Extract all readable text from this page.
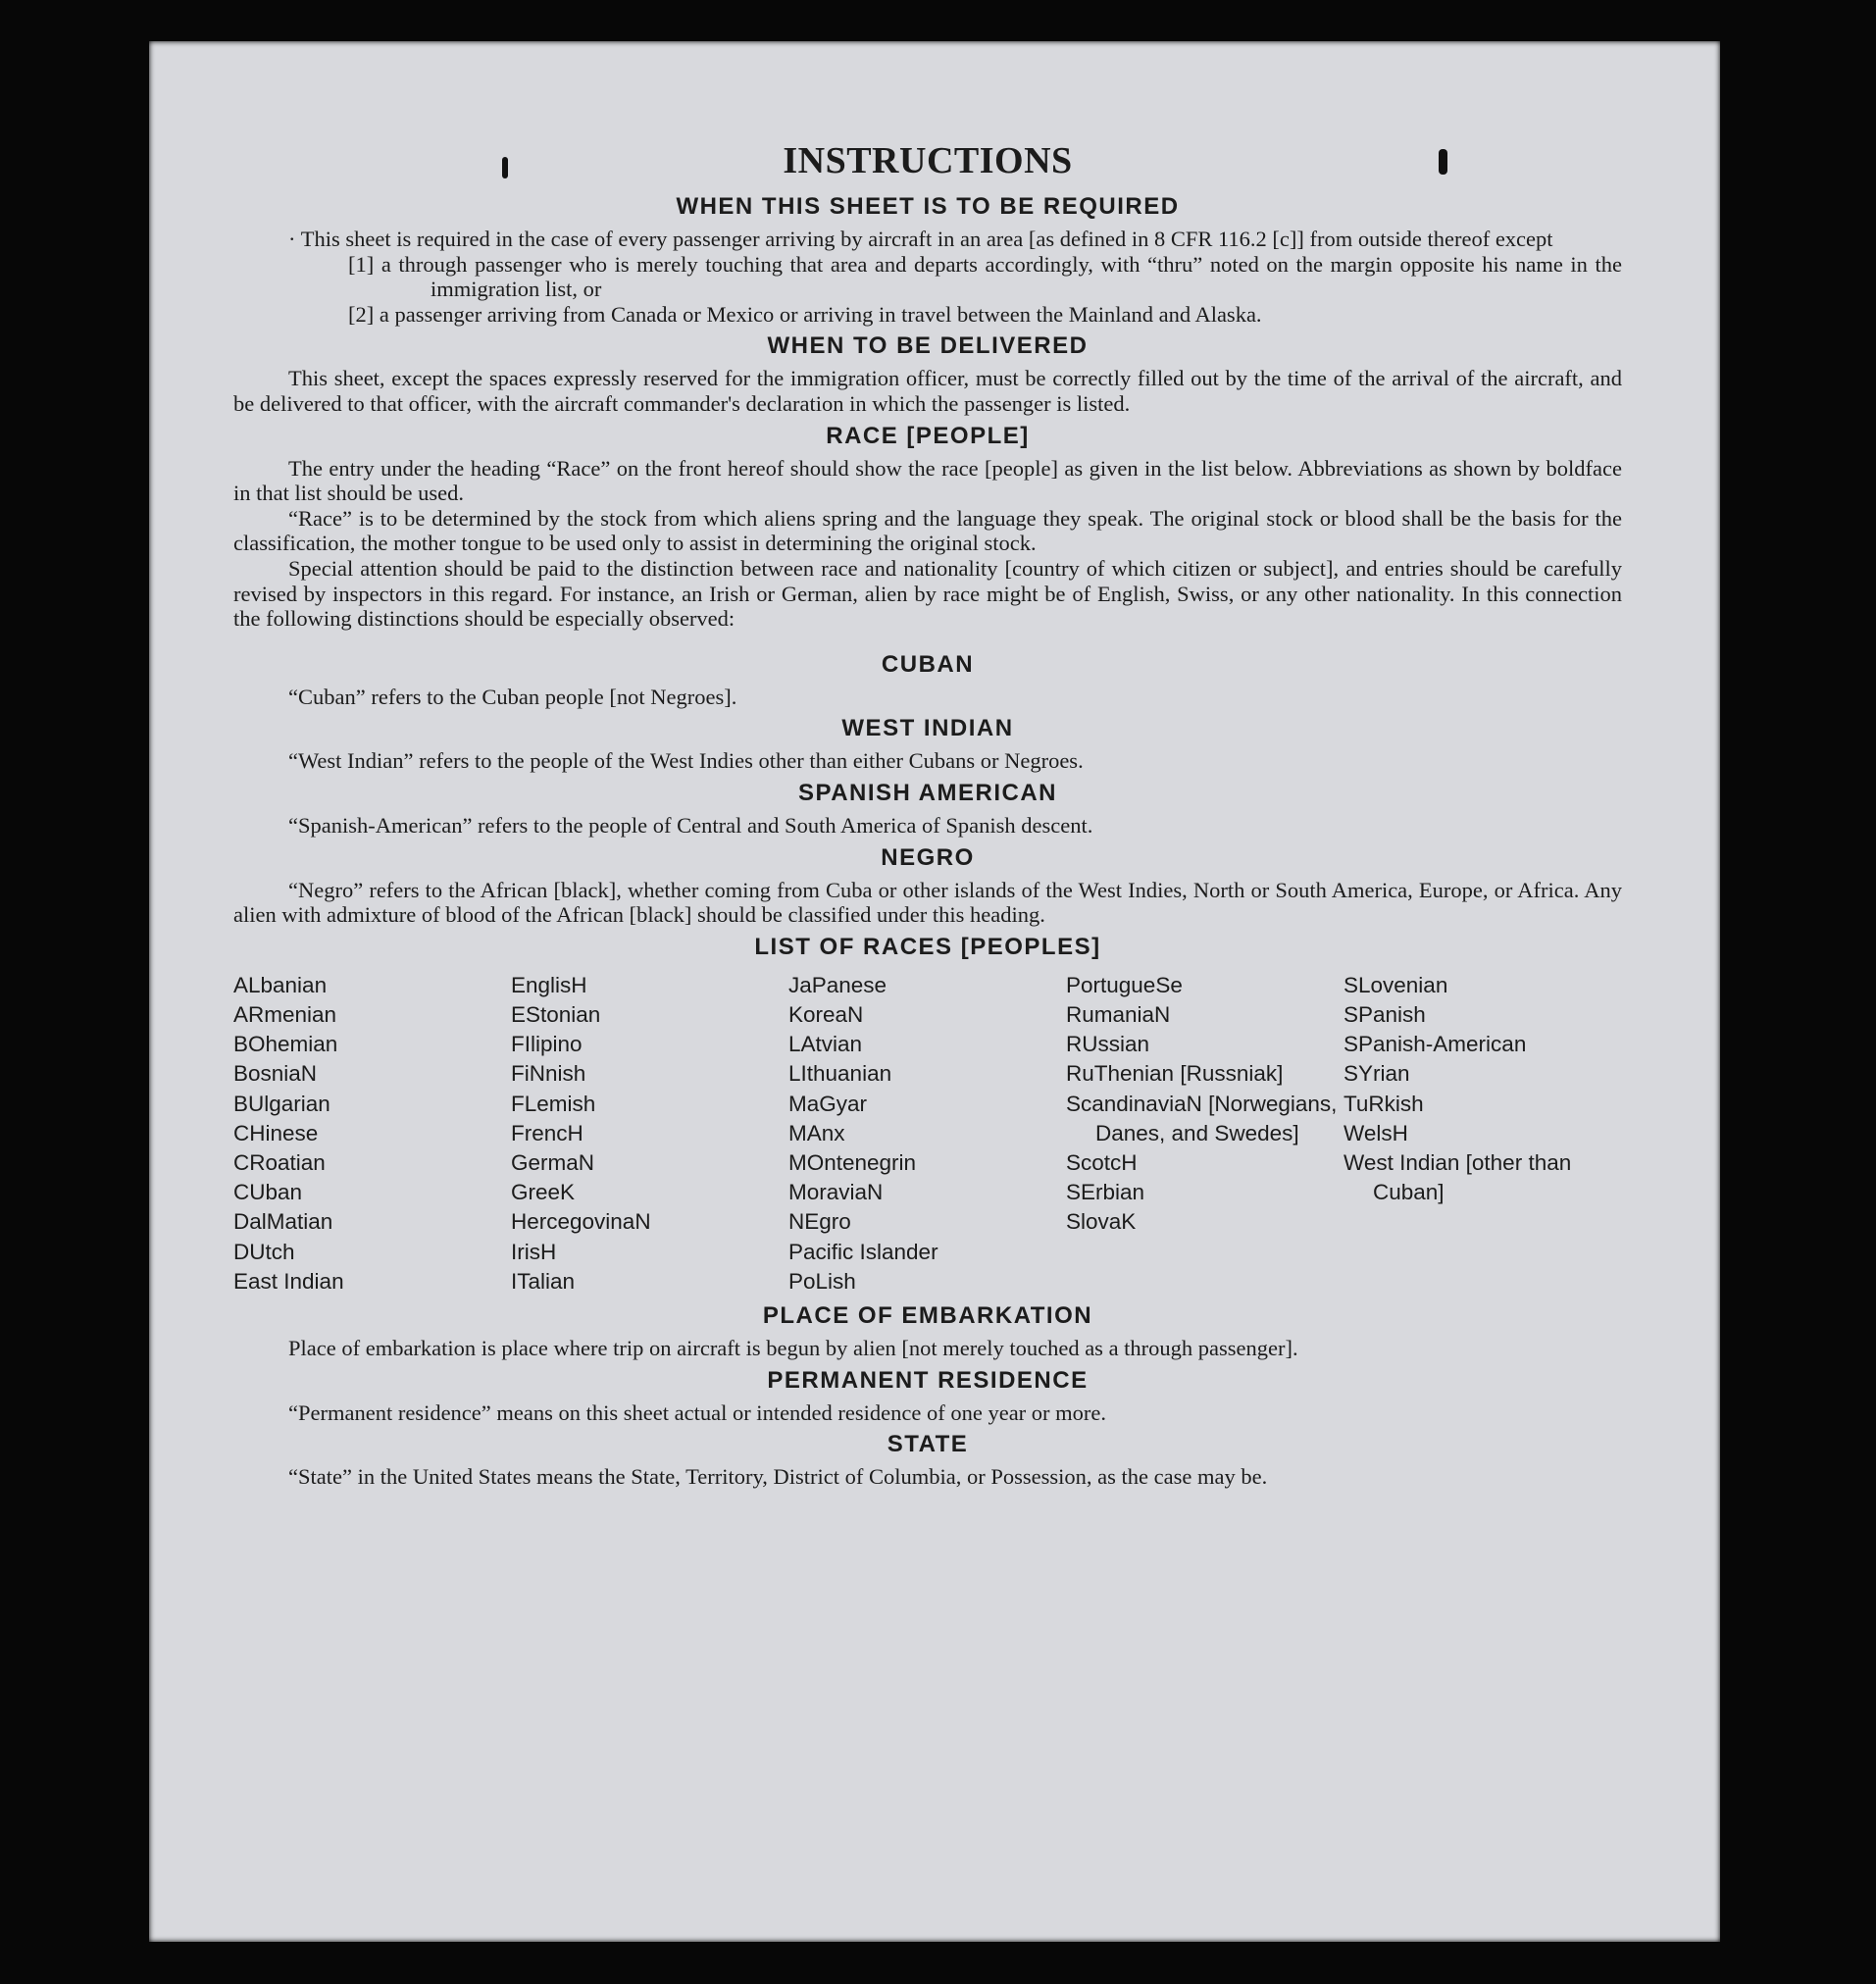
INSTRUCTIONS
WHEN THIS SHEET IS TO BE REQUIRED

· This sheet is required in the case of every passenger arriving by aircraft in an area [as defined in 8 CFR 116.2 [c]] from outside thereof except

[1] a through passenger who is merely touching that area and departs accordingly, with “thru” noted on the margin opposite his name in the immigration list, or
[2] a passenger arriving from Canada or Mexico or arriving in travel between the Mainland and Alaska.
WHEN TO BE DELIVERED

This sheet, except the spaces expressly reserved for the immigration officer, must be correctly filled out by the time of the arrival of the aircraft, and be delivered to that officer, with the aircraft commander's declaration in which the passenger is listed.

RACE [PEOPLE]

The entry under the heading “Race” on the front hereof should show the race [people] as given in the list below. Abbreviations as shown by boldface in that list should be used.

“Race” is to be determined by the stock from which aliens spring and the language they speak. The original stock or blood shall be the basis for the classification, the mother tongue to be used only to assist in determining the original stock.

Special attention should be paid to the distinction between race and nationality [country of which citizen or subject], and entries should be carefully revised by inspectors in this regard. For instance, an Irish or German, alien by race might be of English, Swiss, or any other nationality. In this connection the following distinctions should be especially observed:

CUBAN

“Cuban” refers to the Cuban people [not Negroes].

WEST INDIAN

“West Indian” refers to the people of the West Indies other than either Cubans or Negroes.

SPANISH AMERICAN

“Spanish-American” refers to the people of Central and South America of Spanish descent.

NEGRO

“Negro” refers to the African [black], whether coming from Cuba or other islands of the West Indies, North or South America, Europe, or Africa. Any alien with admixture of blood of the African [black] should be classified under this heading.

LIST OF RACES [PEOPLES]
ALbanian
ARmenian
BOhemian
BosniaN
BUlgarian
CHinese
CRoatian
CUban
DalMatian
DUtch
East Indian
EnglisH
EStonian
FIlipino
FiNnish
FLemish
FrencH
GermaN
GreeK
HercegovinaN
IrisH
ITalian
JaPanese
KoreaN
LAtvian
LIthuanian
MaGyar
MAnx
MOntenegrin
MoraviaN
NEgro
Pacific Islander
PoLish
PortugueSe
RumaniaN
RUssian
RuThenian [Russniak]
ScandinaviaN [Norwegians, Danes, and Swedes]
ScotcH
SErbian
SlovaK
SLovenian
SPanish
SPanish-American
SYrian
TuRkish
WelsH
West Indian [other than Cuban]
PLACE OF EMBARKATION

Place of embarkation is place where trip on aircraft is begun by alien [not merely touched as a through passenger].

PERMANENT RESIDENCE

“Permanent residence” means on this sheet actual or intended residence of one year or more.

STATE

“State” in the United States means the State, Territory, District of Columbia, or Possession, as the case may be.
